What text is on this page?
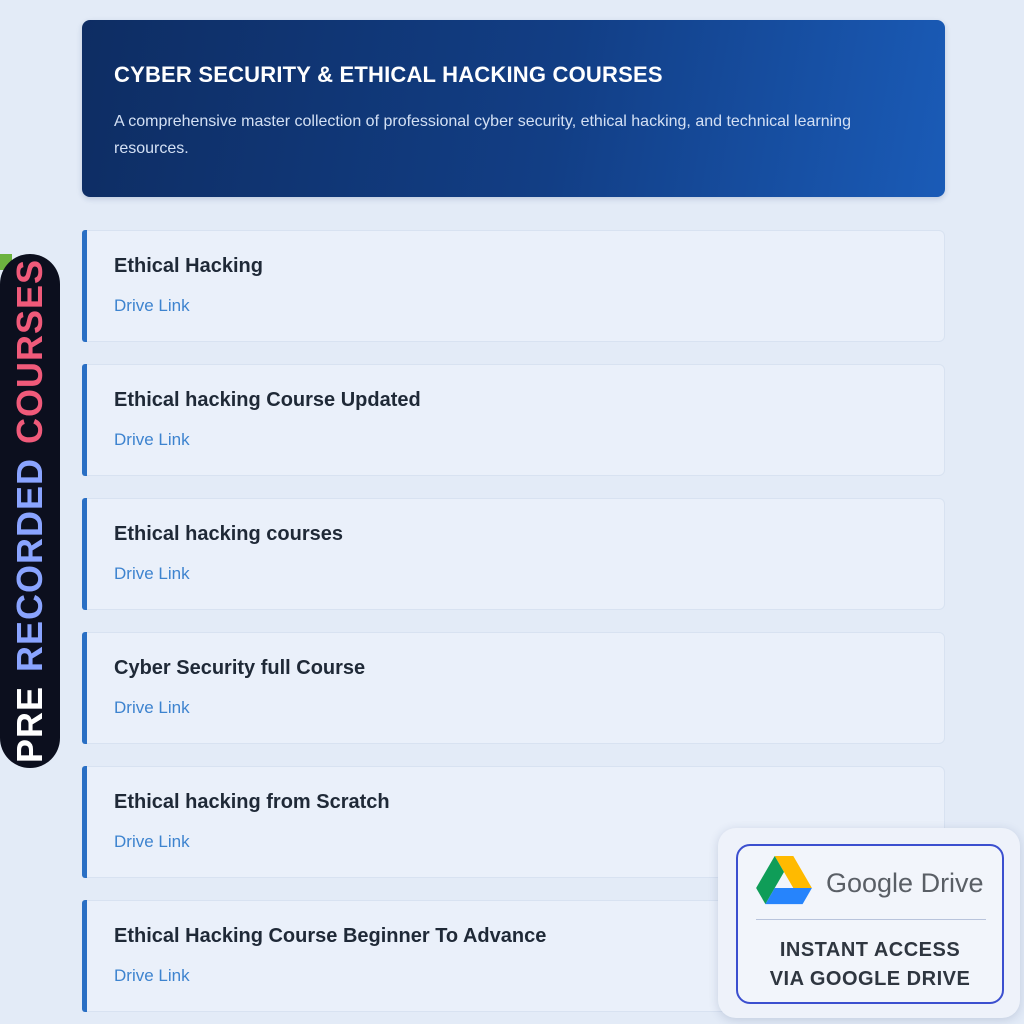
CYBER SECURITY & ETHICAL HACKING COURSES

A comprehensive master collection of professional cyber security, ethical hacking, and technical learning resources.

Ethical Hacking
Drive Link
Ethical hacking Course Updated
Drive Link
Ethical hacking courses
Drive Link
Cyber Security full Course
Drive Link
Ethical hacking from Scratch
Drive Link
Ethical Hacking Course Beginner To Advance
Drive Link
PRE
RECORDED
COURSES
Google Drive
INSTANT ACCESS
VIA GOOGLE DRIVE
